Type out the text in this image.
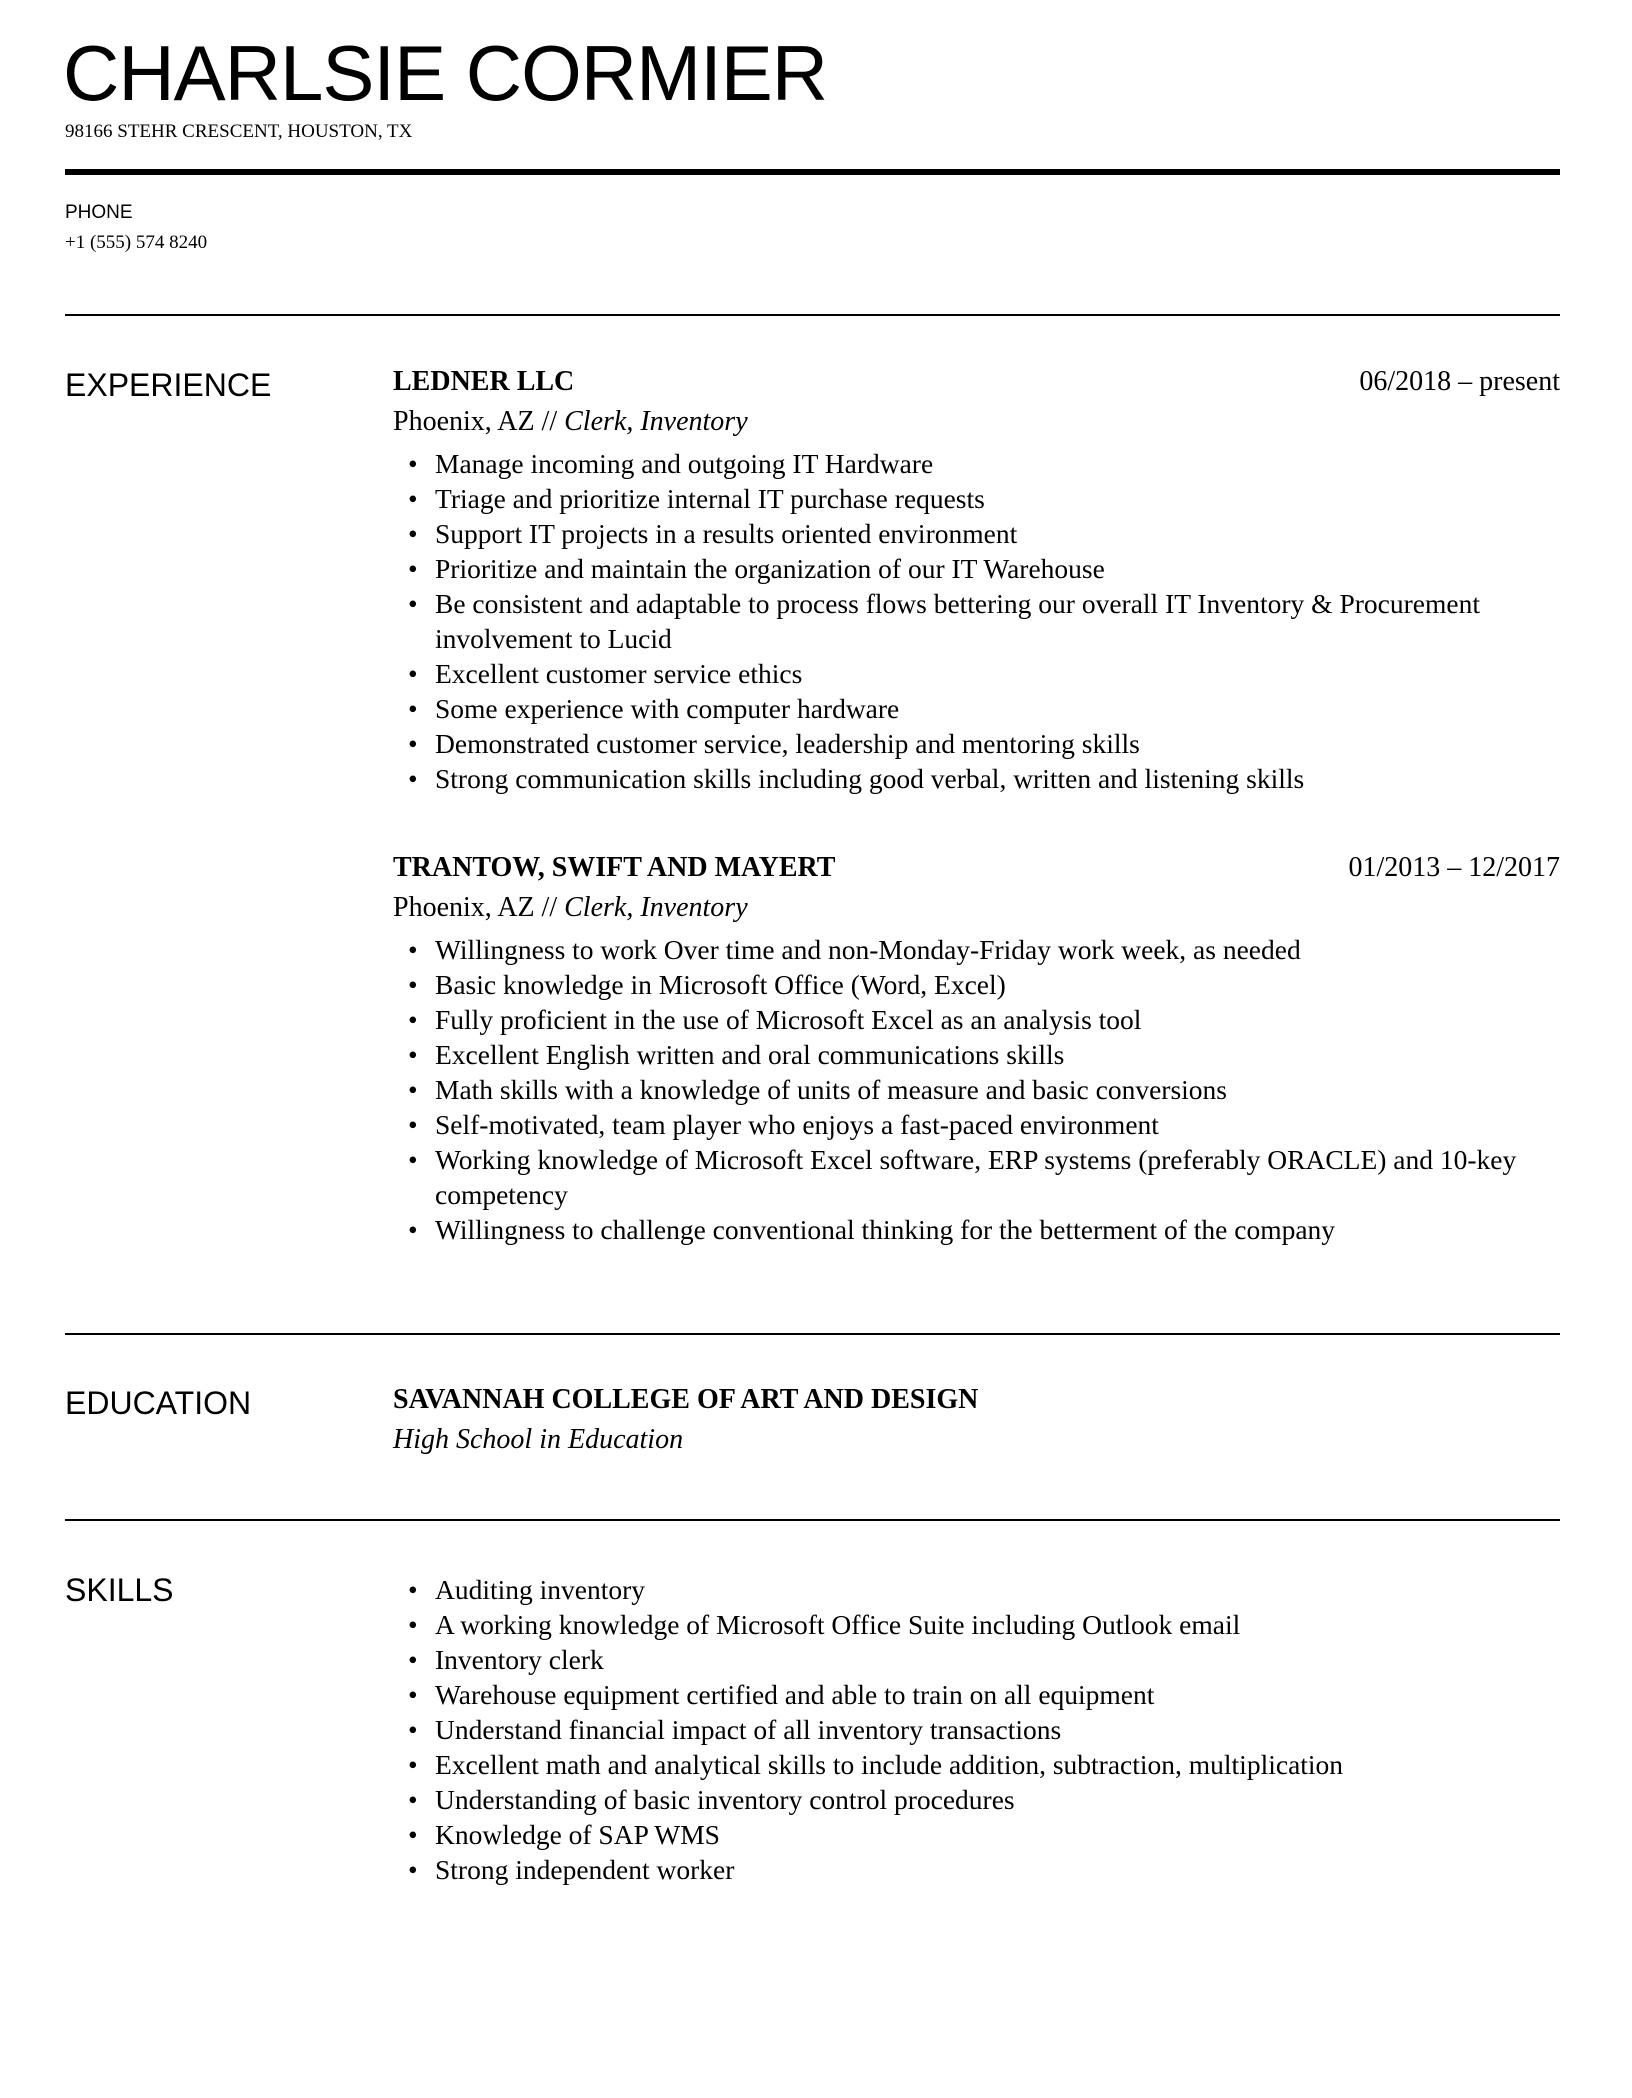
CHARLSIE CORMIER
98166 STEHR CRESCENT, HOUSTON, TX
PHONE
+1 (555) 574 8240
EXPERIENCE	LEDNER LLC	06/2018 – present
Phoenix, AZ // Clerk, Inventory
• Manage incoming and outgoing IT Hardware
• Triage and prioritize internal IT purchase requests
• Support IT projects in a results oriented environment
• Prioritize and maintain the organization of our IT Warehouse
• Be consistent and adaptable to process flows bettering our overall IT Inventory & Procurement involvement to Lucid
• Excellent customer service ethics
• Some experience with computer hardware
• Demonstrated customer service, leadership and mentoring skills
• Strong communication skills including good verbal, written and listening skills
TRANTOW, SWIFT AND MAYERT	01/2013 – 12/2017
Phoenix, AZ // Clerk, Inventory
• Willingness to work Over time and non-Monday-Friday work week, as needed
• Basic knowledge in Microsoft Office (Word, Excel)
• Fully proficient in the use of Microsoft Excel as an analysis tool
• Excellent English written and oral communications skills
• Math skills with a knowledge of units of measure and basic conversions
• Self-motivated, team player who enjoys a fast-paced environment
• Working knowledge of Microsoft Excel software, ERP systems (preferably ORACLE) and 10-key competency
• Willingness to challenge conventional thinking for the betterment of the company
EDUCATION	SAVANNAH COLLEGE OF ART AND DESIGN
High School in Education
SKILLS	• Auditing inventory
• A working knowledge of Microsoft Office Suite including Outlook email
• Inventory clerk
• Warehouse equipment certified and able to train on all equipment
• Understand financial impact of all inventory transactions
• Excellent math and analytical skills to include addition, subtraction, multiplication
• Understanding of basic inventory control procedures
• Knowledge of SAP WMS
• Strong independent worker
